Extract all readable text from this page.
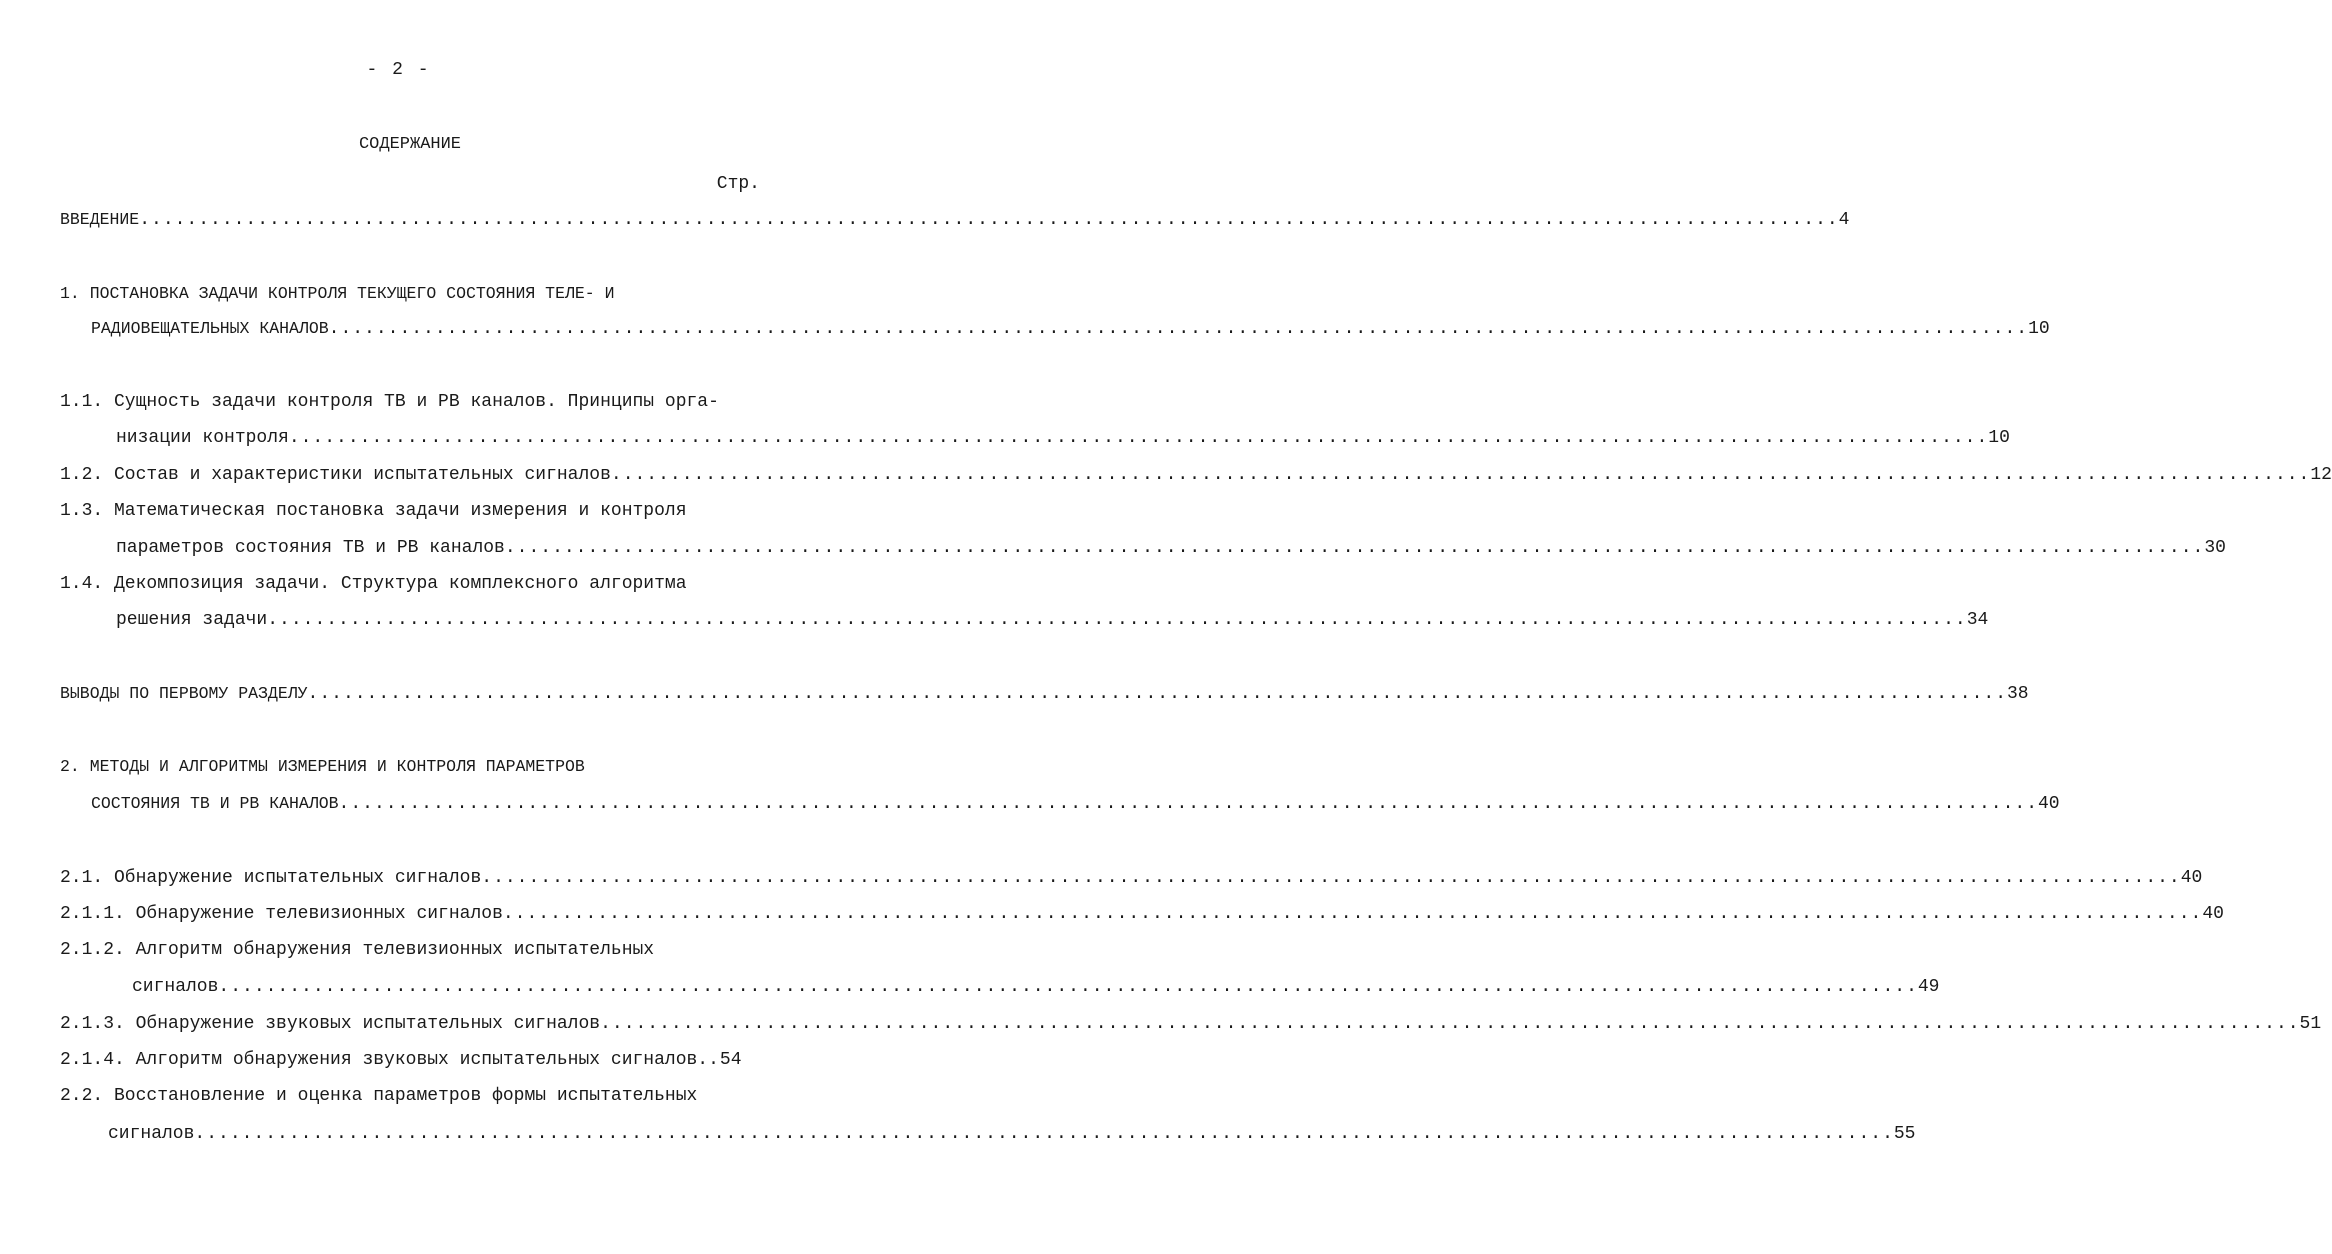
- 2 -
СОДЕРЖАНИЕ
Стр.
ВВЕДЕНИЕ ................................................................................................................................................ 4
1. ПОСТАНОВКА ЗАДАЧИ КОНТРОЛЯ ТЕКУЩЕГО СОСТОЯНИЯ ТЕЛЕ- И
РАДИОВЕЩАТЕЛЬНЫХ КАНАЛОВ ................................................................................................................................................ 10
1.1. Сущность задачи контроля ТВ и РВ каналов. Принципы орга-
низации контроля ................................................................................................................................................ 10
1.2. Состав и характеристики испытательных сигналов ................................................................................................................................................ 12
1.3. Математическая постановка задачи измерения и контроля
параметров состояния ТВ и РВ каналов ................................................................................................................................................ 30
1.4. Декомпозиция задачи. Структура комплексного алгоритма
решения задачи ................................................................................................................................................ 34
ВЫВОДЫ ПО ПЕРВОМУ РАЗДЕЛУ ................................................................................................................................................ 38
2. МЕТОДЫ И АЛГОРИТМЫ ИЗМЕРЕНИЯ И КОНТРОЛЯ ПАРАМЕТРОВ
СОСТОЯНИЯ ТВ И РВ КАНАЛОВ ................................................................................................................................................ 40
2.1. Обнаружение испытательных сигналов ................................................................................................................................................ 40
2.1.1. Обнаружение телевизионных сигналов ................................................................................................................................................ 40
2.1.2. Алгоритм обнаружения телевизионных испытательных
сигналов ................................................................................................................................................ 49
2.1.3. Обнаружение звуковых испытательных сигналов ................................................................................................................................................ 51
2.1.4. Алгоритм обнаружения звуковых испытательных сигналов. . 54
2.2. Восстановление и оценка параметров формы испытательных
сигналов ................................................................................................................................................ 55
